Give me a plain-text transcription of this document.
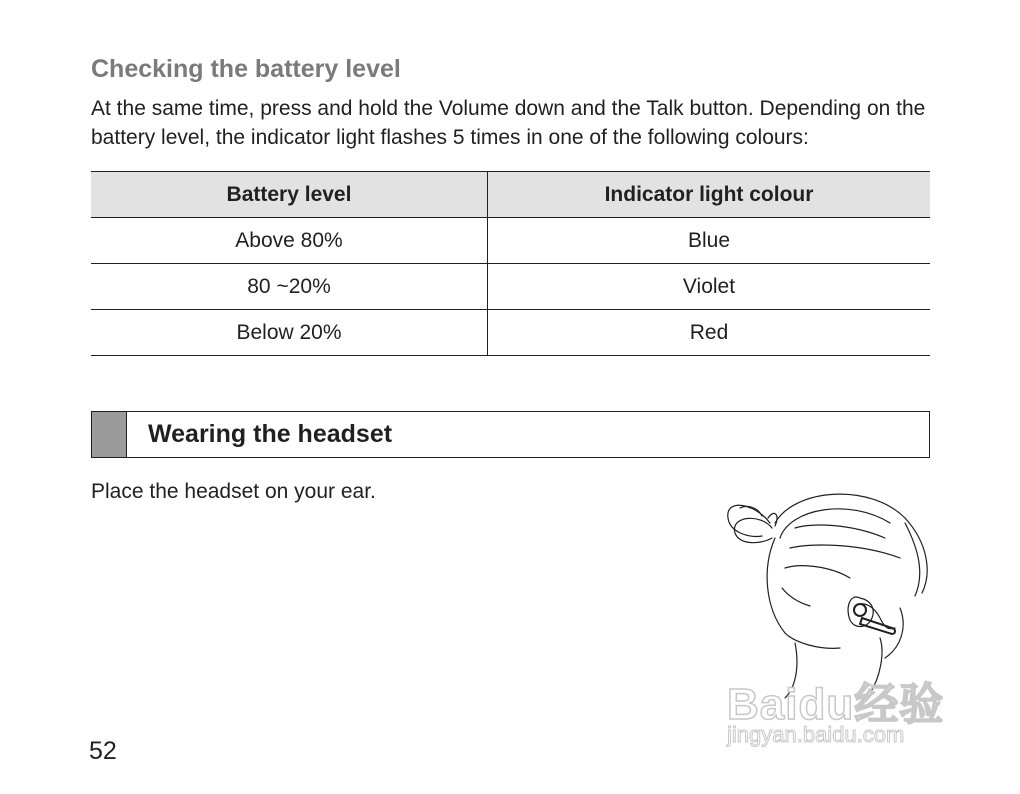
Checking the battery level

At the same time, press and hold the Volume down and the Talk button. Depending on the battery level, the indicator light flashes 5 times in one of the following colours:

Battery level	Indicator light colour
Above 80%	Blue
80 ~20%	Violet
Below 20%	Red
Wearing the headset

Place the headset on your ear.

52

Baidu经验
jingyan.baidu.com
